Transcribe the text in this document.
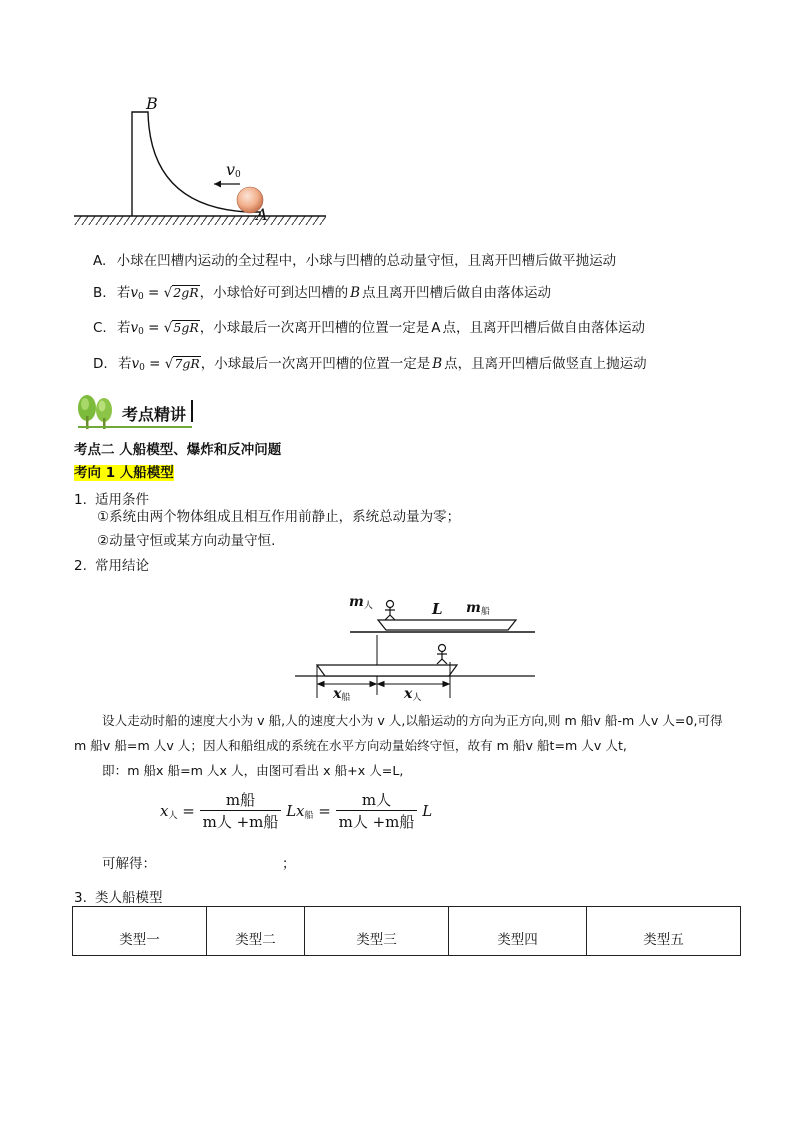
B
A
$v_0$
A. 小球在凹槽内运动的全过程中，小球与凹槽的总动量守恒，且离开凹槽后做平抛运动
B. 若$v_0 = √2gR$，小球恰好可到达凹槽的 B 点且离开凹槽后做自由落体运动
C. 若$v_0 = √5gR$，小球最后一次离开凹槽的位置一定是 A 点，且离开凹槽后做自由落体运动
D. 若$v_0 = √7gR$，小球最后一次离开凹槽的位置一定是 B 点，且离开凹槽后做竖直上抛运动
考点精讲
考点二 人船模型、爆炸和反冲问题
考向 1 人船模型
1. 适用条件
①系统由两个物体组成且相互作用前静止，系统总动量为零；
②动量守恒或某方向动量守恒.
2. 常用结论
$m_人$	L $m_船$
$x_船$	$x_人$
设人走动时船的速度大小为 v 船,人的速度大小为 v 人,以船运动的方向为正方向,则 m 船v 船-m 人v 人=0,可得
m 船v 船=m 人v 人；因人和船组成的系统在水平方向动量始终守恒，故有 m 船v 船t=m 人v 人t,
即：m 船x 船=m 人x 人，由图可看出 x 船+x 人=L,
$x_人 = \frac{\text{m船}}{\text{m人 +m船}}$ L $x_船 = \frac{\text{m人}}{\text{m人 +m船}}$ L
可解得：	；
3. 类人船模型
类型一	类型二	类型三	类型四	类型五
